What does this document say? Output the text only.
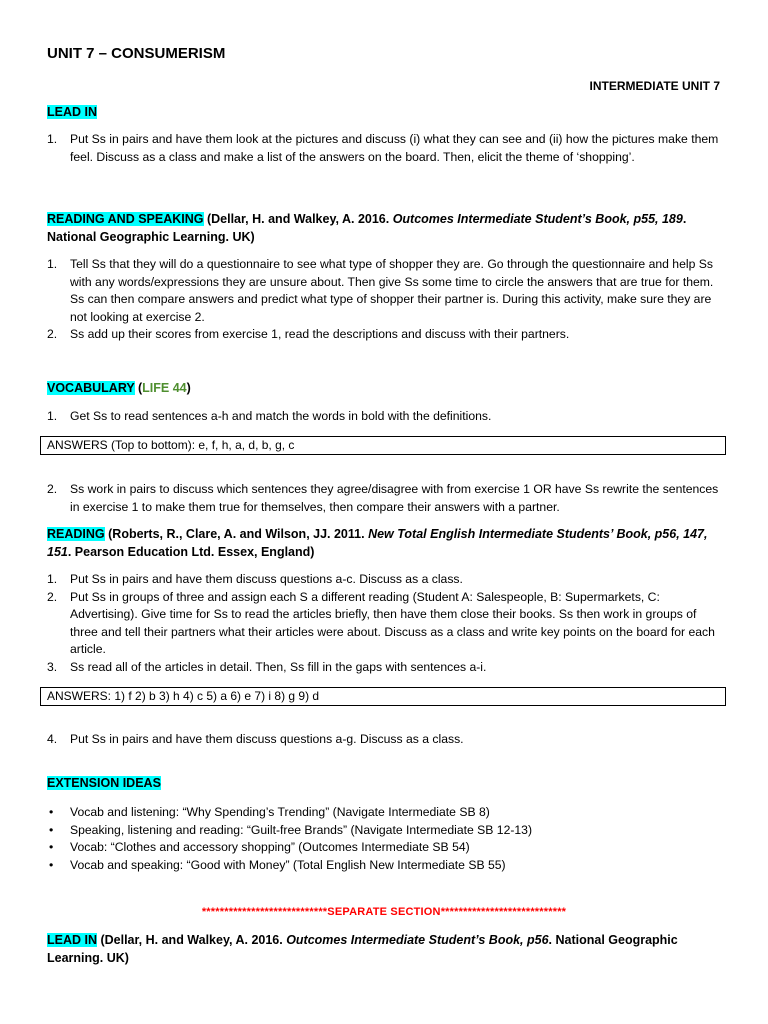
UNIT 7 – CONSUMERISM
INTERMEDIATE UNIT 7
LEAD IN
1. Put Ss in pairs and have them look at the pictures and discuss (i) what they can see and (ii) how the pictures make them feel. Discuss as a class and make a list of the answers on the board. Then, elicit the theme of ‘shopping’.
READING AND SPEAKING (Dellar, H. and Walkey, A. 2016. Outcomes Intermediate Student’s Book, p55, 189. National Geographic Learning. UK)
1. Tell Ss that they will do a questionnaire to see what type of shopper they are. Go through the questionnaire and help Ss with any words/expressions they are unsure about. Then give Ss some time to circle the answers that are true for them. Ss can then compare answers and predict what type of shopper their partner is. During this activity, make sure they are not looking at exercise 2.
2. Ss add up their scores from exercise 1, read the descriptions and discuss with their partners.
VOCABULARY (LIFE 44)
1. Get Ss to read sentences a-h and match the words in bold with the definitions.
ANSWERS (Top to bottom): e, f, h, a, d, b, g, c
2. Ss work in pairs to discuss which sentences they agree/disagree with from exercise 1 OR have Ss rewrite the sentences in exercise 1 to make them true for themselves, then compare their answers with a partner.
READING (Roberts, R., Clare, A. and Wilson, JJ. 2011. New Total English Intermediate Students’ Book, p56, 147, 151. Pearson Education Ltd. Essex, England)
1. Put Ss in pairs and have them discuss questions a-c. Discuss as a class.
2. Put Ss in groups of three and assign each S a different reading (Student A: Salespeople, B: Supermarkets, C: Advertising). Give time for Ss to read the articles briefly, then have them close their books. Ss then work in groups of three and tell their partners what their articles were about. Discuss as a class and write key points on the board for each article.
3. Ss read all of the articles in detail. Then, Ss fill in the gaps with sentences a-i.
ANSWERS: 1) f 2) b 3) h 4) c 5) a 6) e 7) i 8) g 9) d
4. Put Ss in pairs and have them discuss questions a-g. Discuss as a class.
EXTENSION IDEAS
• Vocab and listening: “Why Spending’s Trending” (Navigate Intermediate SB 8)
• Speaking, listening and reading: “Guilt-free Brands” (Navigate Intermediate SB 12-13)
• Vocab: “Clothes and accessory shopping” (Outcomes Intermediate SB 54)
• Vocab and speaking: “Good with Money” (Total English New Intermediate SB 55)
****************************SEPARATE SECTION****************************
LEAD IN (Dellar, H. and Walkey, A. 2016. Outcomes Intermediate Student’s Book, p56. National Geographic Learning. UK)
